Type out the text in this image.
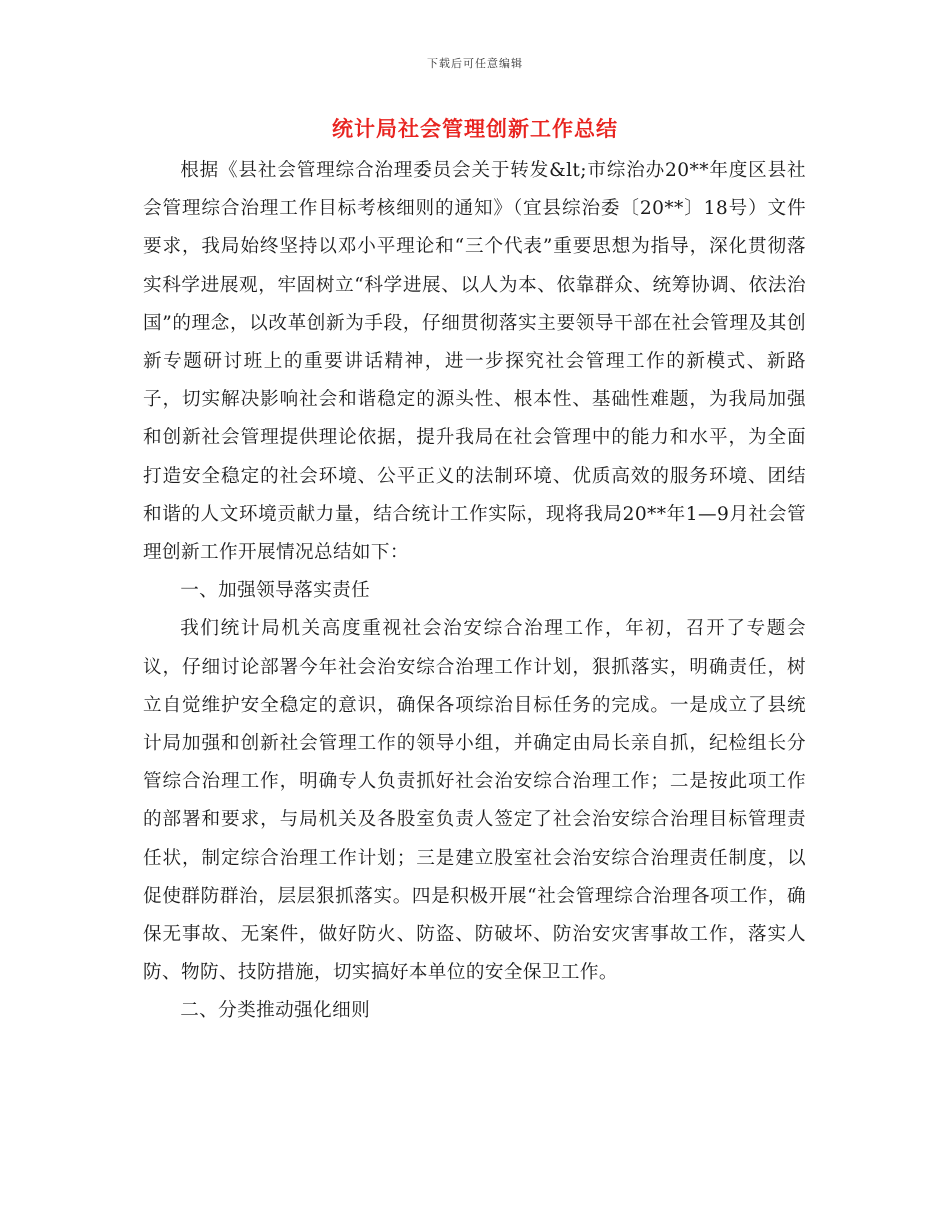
下载后可任意编辑
统计局社会管理创新工作总结

根据《县社会管理综合治理委员会关于转发&lt;市综治办20**年度区县社会管理综合治理工作目标考核细则的通知》（宜县综治委〔20**〕18号）文件要求，我局始终坚持以邓小平理论和“三个代表”重要思想为指导，深化贯彻落实科学进展观，牢固树立“科学进展、以人为本、依靠群众、统筹协调、依法治国”的理念，以改革创新为手段，仔细贯彻落实主要领导干部在社会管理及其创新专题研讨班上的重要讲话精神，进一步探究社会管理工作的新模式、新路子，切实解决影响社会和谐稳定的源头性、根本性、基础性难题，为我局加强和创新社会管理提供理论依据，提升我局在社会管理中的能力和水平，为全面打造安全稳定的社会环境、公平正义的法制环境、优质高效的服务环境、团结和谐的人文环境贡献力量，结合统计工作实际，现将我局20**年1—9月社会管理创新工作开展情况总结如下：

一、加强领导落实责任

我们统计局机关高度重视社会治安综合治理工作，年初，召开了专题会议，仔细讨论部署今年社会治安综合治理工作计划，狠抓落实，明确责任，树立自觉维护安全稳定的意识，确保各项综治目标任务的完成。一是成立了县统计局加强和创新社会管理工作的领导小组，并确定由局长亲自抓，纪检组长分管综合治理工作，明确专人负责抓好社会治安综合治理工作；二是按此项工作的部署和要求，与局机关及各股室负责人签定了社会治安综合治理目标管理责任状，制定综合治理工作计划；三是建立股室社会治安综合治理责任制度，以促使群防群治，层层狠抓落实。四是积极开展“社会管理综合治理各项工作，确保无事故、无案件，做好防火、防盗、防破坏、防治安灾害事故工作，落实人防、物防、技防措施，切实搞好本单位的安全保卫工作。

二、分类推动强化细则
